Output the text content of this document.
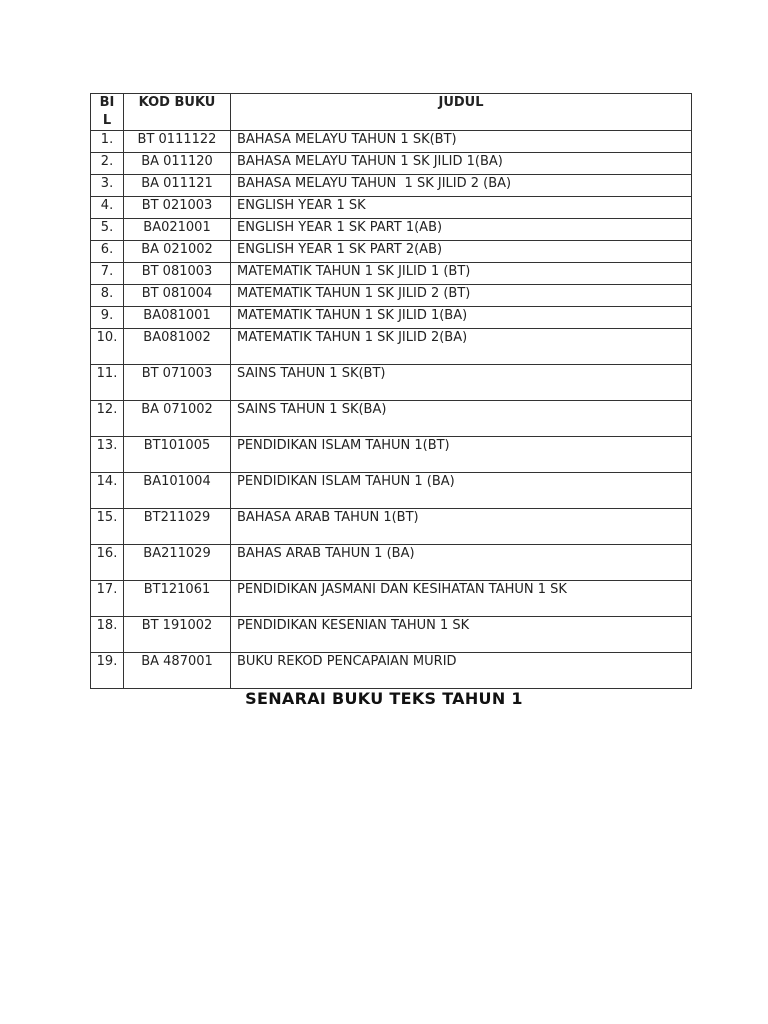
BIL	KOD BUKU	JUDUL
1.	BT 0111122	BAHASA MELAYU TAHUN 1 SK(BT)
2.	BA 011120	BAHASA MELAYU TAHUN 1 SK JILID 1(BA)
3.	BA 011121	BAHASA MELAYU TAHUN  1 SK JILID 2 (BA)
4.	BT 021003	ENGLISH YEAR 1 SK
5.	BA021001	ENGLISH YEAR 1 SK PART 1(AB)
6.	BA 021002	ENGLISH YEAR 1 SK PART 2(AB)
7.	BT 081003	MATEMATIK TAHUN 1 SK JILID 1 (BT)
8.	BT 081004	MATEMATIK TAHUN 1 SK JILID 2 (BT)
9.	BA081001	MATEMATIK TAHUN 1 SK JILID 1(BA)
10.	BA081002	MATEMATIK TAHUN 1 SK JILID 2(BA)
11.	BT 071003	SAINS TAHUN 1 SK(BT)
12.	BA 071002	SAINS TAHUN 1 SK(BA)
13.	BT101005	PENDIDIKAN ISLAM TAHUN 1(BT)
14.	BA101004	PENDIDIKAN ISLAM TAHUN 1 (BA)
15.	BT211029	BAHASA ARAB TAHUN 1(BT)
16.	BA211029	BAHAS ARAB TAHUN 1 (BA)
17.	BT121061	PENDIDIKAN JASMANI DAN KESIHATAN TAHUN 1 SK
18.	BT 191002	PENDIDIKAN KESENIAN TAHUN 1 SK
19.	BA 487001	BUKU REKOD PENCAPAIAN MURID
SENARAI BUKU TEKS TAHUN 1
